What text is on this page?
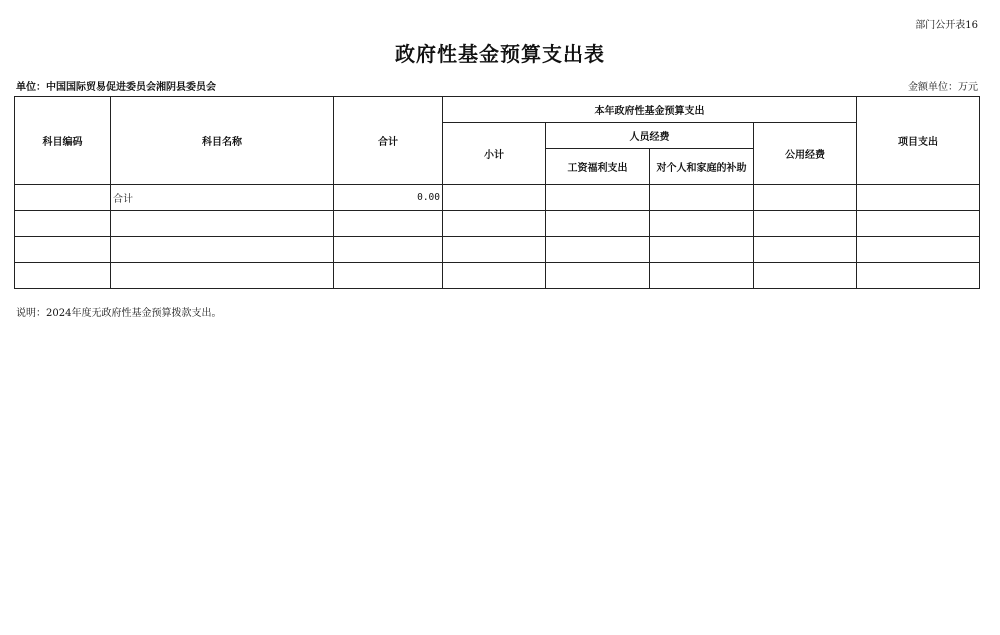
部门公开表16
政府性基金预算支出表
单位：中国国际贸易促进委员会湘阴县委员会	金额单位：万元
科目编码	科目名称	合计	本年政府性基金预算支出				项目支出
			小计	人员经费		公用经费	
				工资福利支出	对个人和家庭的补助		
	合计	0.00					

说明：2024年度无政府性基金预算拨款支出。
